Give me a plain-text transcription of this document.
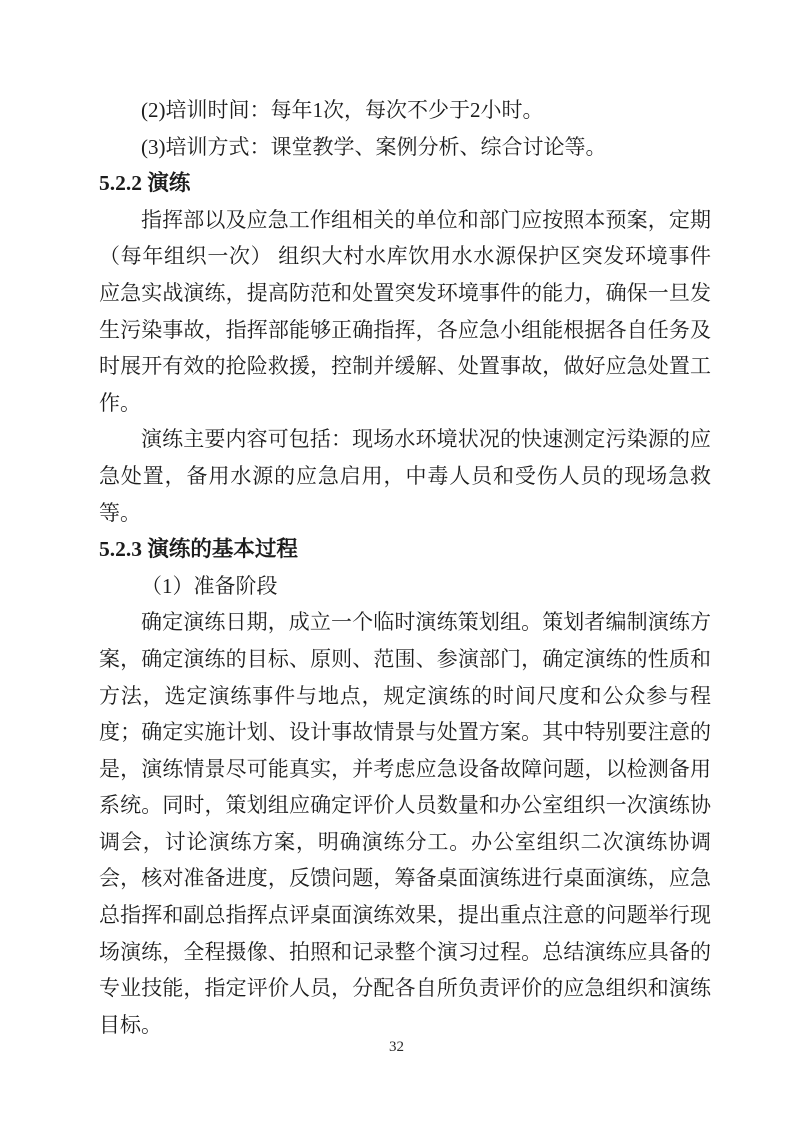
(2)培训时间：每年1次，每次不少于2小时。

(3)培训方式：课堂教学、案例分析、综合讨论等。

5.2.2 演练

指挥部以及应急工作组相关的单位和部门应按照本预案，定期（每年组织一次） 组织大村水库饮用水水源保护区突发环境事件应急实战演练，提高防范和处置突发环境事件的能力，确保一旦发生污染事故，指挥部能够正确指挥，各应急小组能根据各自任务及时展开有效的抢险救援，控制并缓解、处置事故，做好应急处置工作。

演练主要内容可包括：现场水环境状况的快速测定污染源的应急处置，备用水源的应急启用，中毒人员和受伤人员的现场急救等。

5.2.3 演练的基本过程

（1）准备阶段

确定演练日期，成立一个临时演练策划组。策划者编制演练方案，确定演练的目标、原则、范围、参演部门，确定演练的性质和方法，选定演练事件与地点，规定演练的时间尺度和公众参与程度；确定实施计划、设计事故情景与处置方案。其中特别要注意的是，演练情景尽可能真实，并考虑应急设备故障问题，以检测备用系统。同时，策划组应确定评价人员数量和办公室组织一次演练协调会，讨论演练方案，明确演练分工。办公室组织二次演练协调会，核对准备进度，反馈问题，筹备桌面演练进行桌面演练，应急总指挥和副总指挥点评桌面演练效果，提出重点注意的问题举行现场演练，全程摄像、拍照和记录整个演习过程。总结演练应具备的专业技能，指定评价人员，分配各自所负责评价的应急组织和演练目标。

32
